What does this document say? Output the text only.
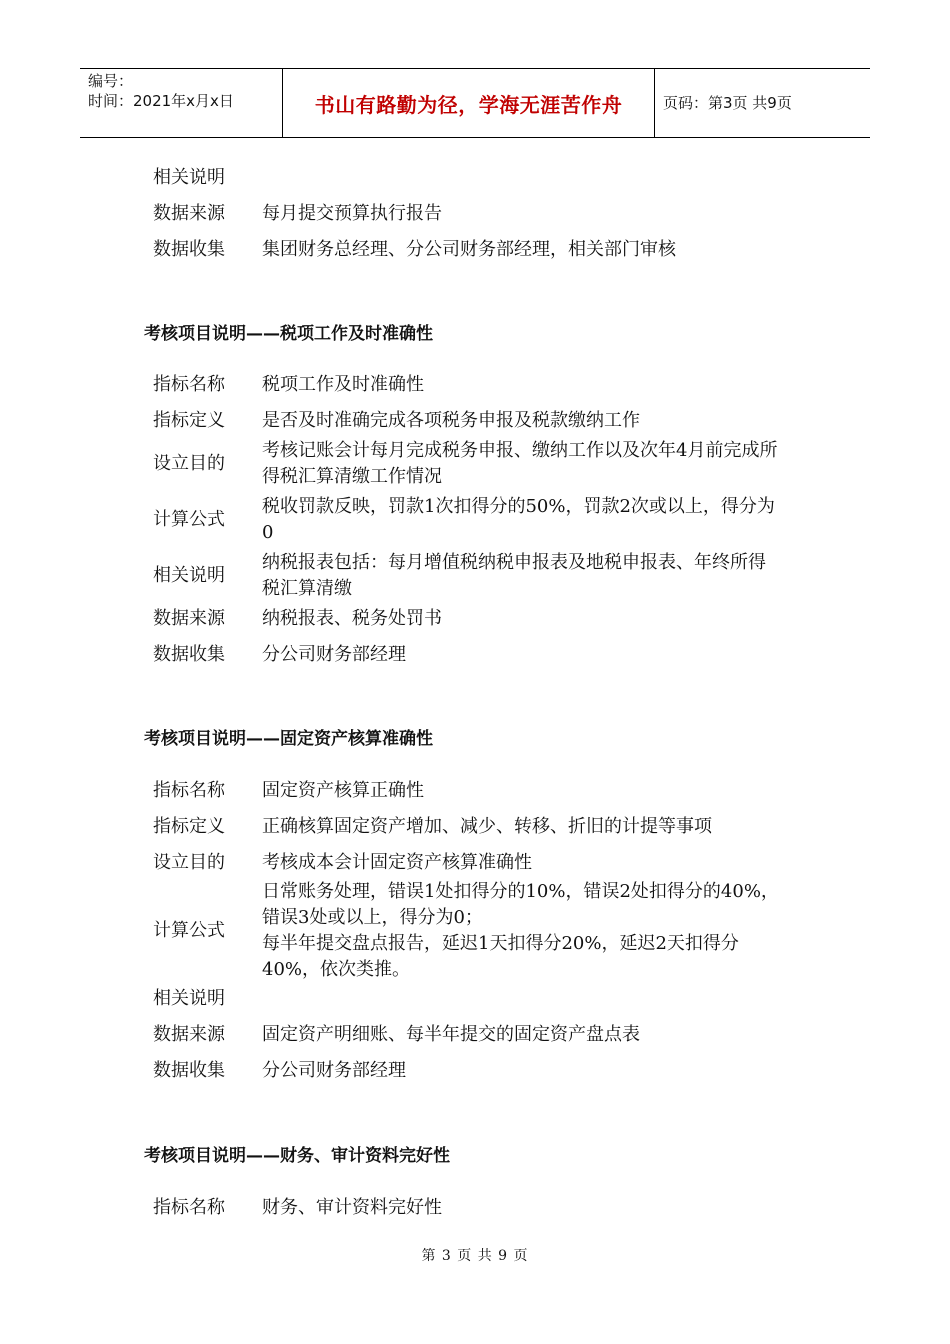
编号：
时间：2021年x月x日	书山有路勤为径，学海无涯苦作舟	页码：第3页 共9页
相关说明
数据来源 每月提交预算执行报告
数据收集 集团财务总经理、分公司财务部经理，相关部门审核
考核项目说明——税项工作及时准确性
指标名称 税项工作及时准确性
指标定义 是否及时准确完成各项税务申报及税款缴纳工作
设立目的
考核记账会计每月完成税务申报、缴纳工作以及次年4月前完成所
得税汇算清缴工作情况
计算公式
税收罚款反映，罚款1次扣得分的50%，罚款2次或以上，得分为
0
相关说明
纳税报表包括：每月增值税纳税申报表及地税申报表、年终所得
税汇算清缴
数据来源 纳税报表、税务处罚书
数据收集 分公司财务部经理
考核项目说明——固定资产核算准确性
指标名称 固定资产核算正确性
指标定义 正确核算固定资产增加、减少、转移、折旧的计提等事项
设立目的 考核成本会计固定资产核算准确性
计算公式
日常账务处理，错误1处扣得分的10%，错误2处扣得分的40%，
错误3处或以上，得分为0；
每半年提交盘点报告，延迟1天扣得分20%，延迟2天扣得分
40%，依次类推。
相关说明
数据来源 固定资产明细账、每半年提交的固定资产盘点表
数据收集 分公司财务部经理
考核项目说明——财务、审计资料完好性
指标名称 财务、审计资料完好性
第 3 页 共 9 页
